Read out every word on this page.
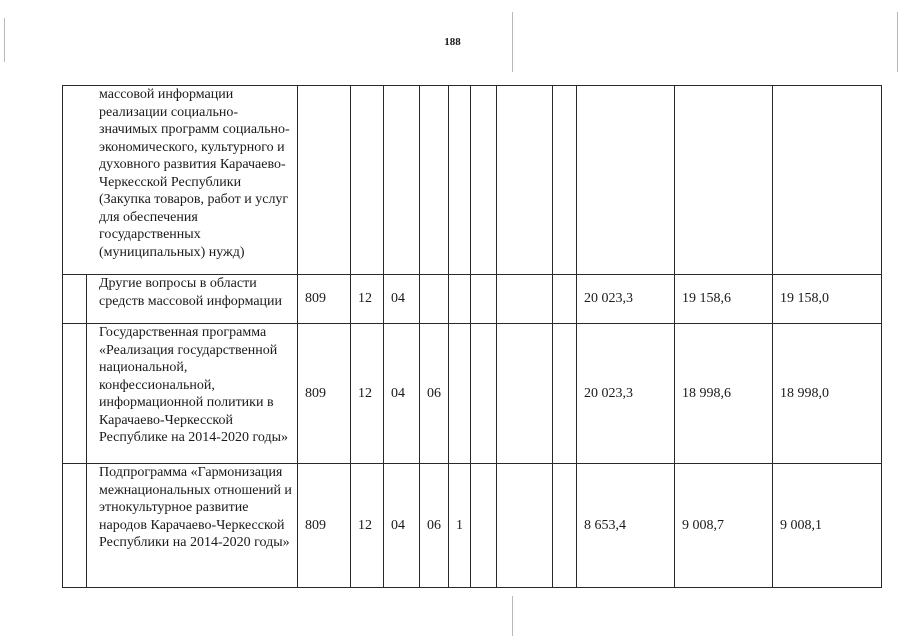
188
массовой информации реализации социально-значимых программ социально-экономического, культурного и духовного развития Карачаево-Черкесской Республики (Закупка товаров, работ и услуг для обеспечения государственных (муниципальных) нужд)												
	Другие вопросы в области средств массовой информации	809	12	04						20 023,3	19 158,6	19 158,0
	Государственная программа «Реализация государственной национальной, конфессиональной, информационной политики в Карачаево-Черкесской Республике на 2014-2020 годы»	809	12	04	06					20 023,3	18 998,6	18 998,0
	Подпрограмма «Гармонизация межнациональных отношений и этнокультурное развитие народов Карачаево-Черкесской Республики на 2014-2020 годы»	809	12	04	06	1				8 653,4	9 008,7	9 008,1
